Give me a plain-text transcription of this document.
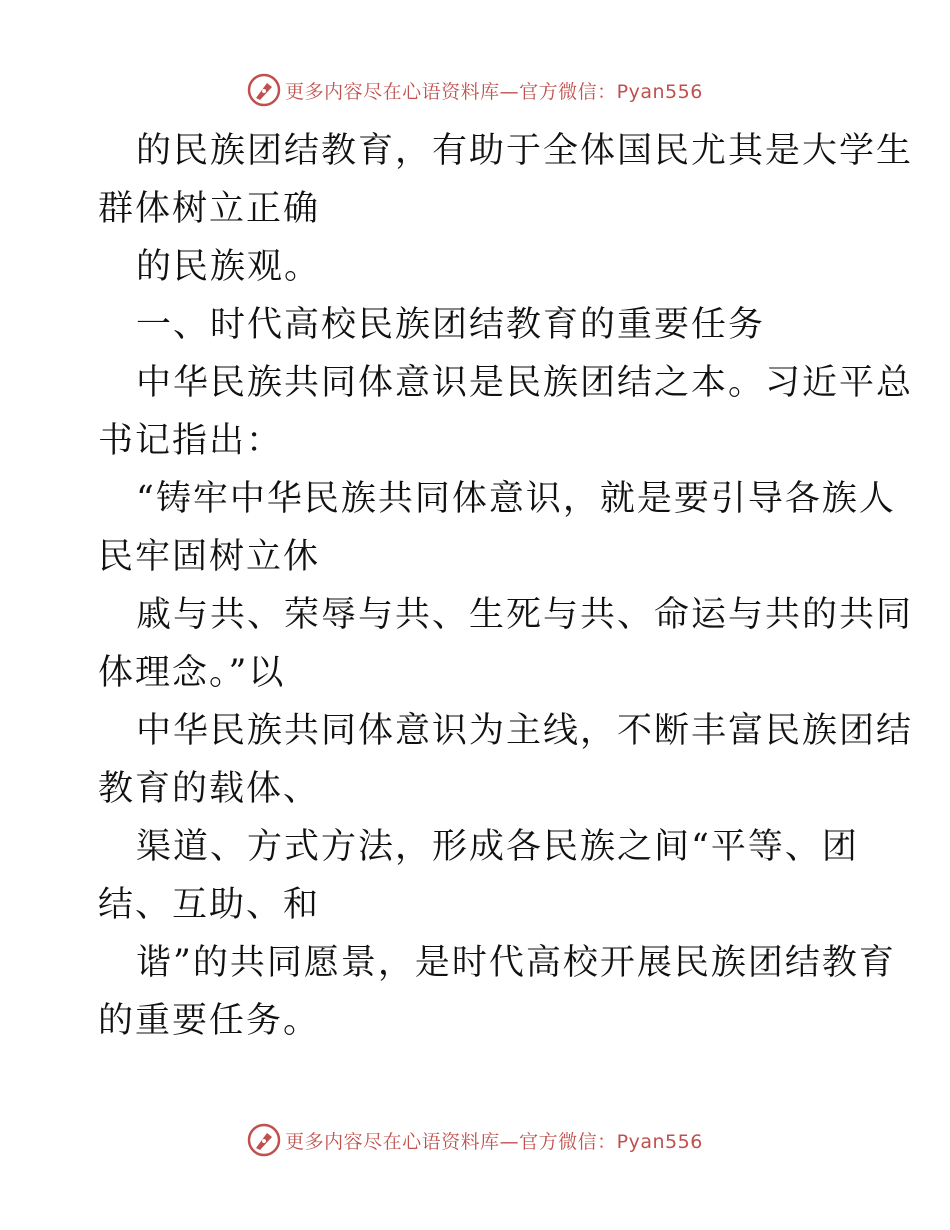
更多内容尽在心语资料库—官方微信：Pyan556
的民族团结教育，有助于全体国民尤其是大学生
群体树立正确
的民族观。
一、时代高校民族团结教育的重要任务
中华民族共同体意识是民族团结之本。习近平总
书记指出：
“铸牢中华民族共同体意识，就是要引导各族人
民牢固树立休
戚与共、荣辱与共、生死与共、命运与共的共同
体理念。”以
中华民族共同体意识为主线，不断丰富民族团结
教育的载体、
渠道、方式方法，形成各民族之间“平等、团
结、互助、和
谐”的共同愿景，是时代高校开展民族团结教育
的重要任务。
更多内容尽在心语资料库—官方微信：Pyan556
